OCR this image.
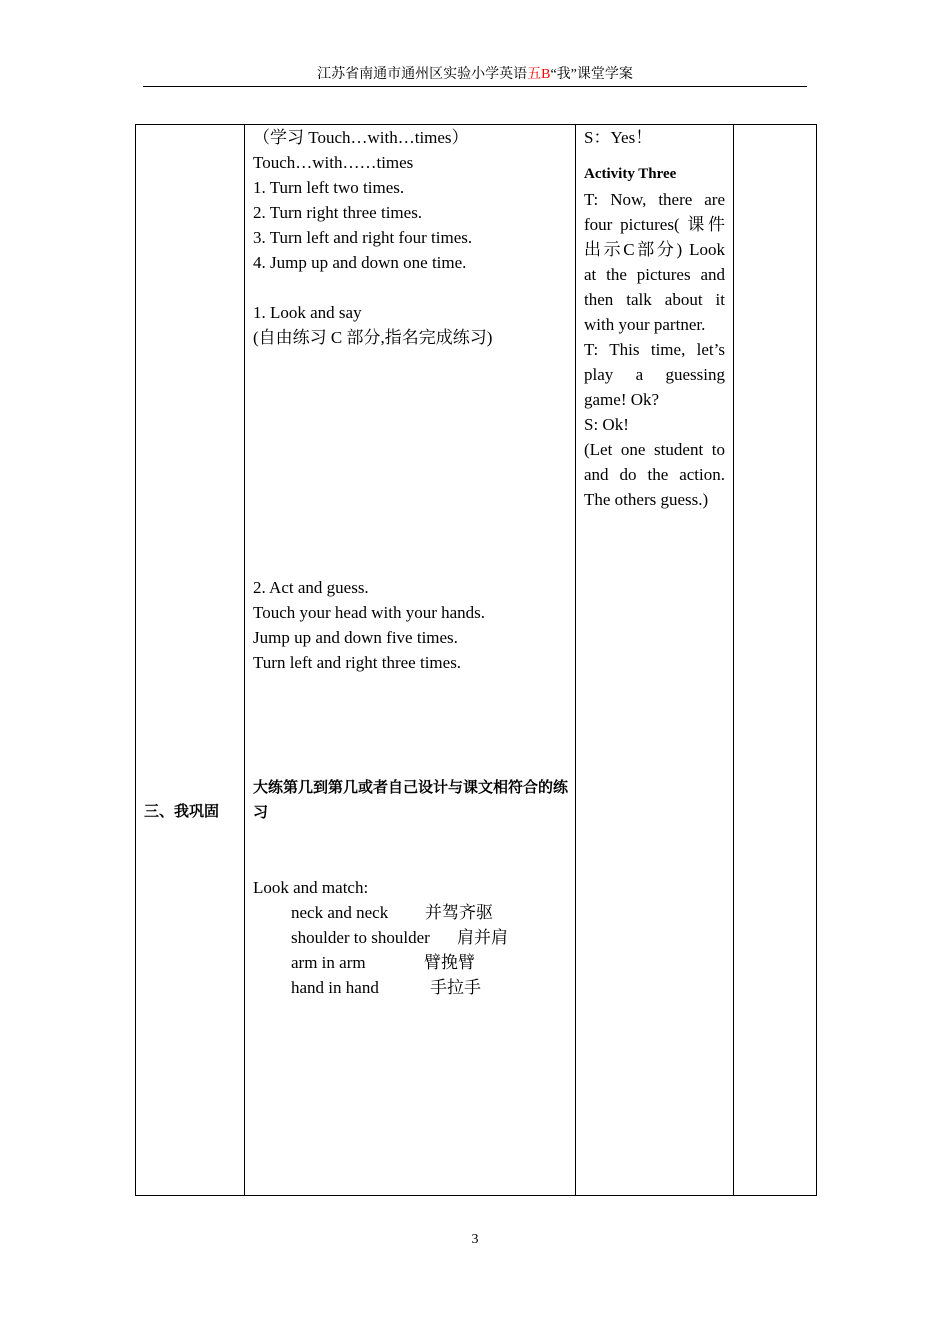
江苏省南通市通州区实验小学英语五B“我”课堂学案
三、我巩固
（学习 Touch…with…times）
Touch…with……times
1. Turn left two times.
2. Turn right three times.
3. Turn left and right four times.
4. Jump up and down one time.
1. Look and say
(自由练习 C 部分,指名完成练习)
2. Act and guess.
Touch your head with your hands.
Jump up and down five times.
Turn left and right three times.
大练第几到第几或者自己设计与课文相符合的练习
Look and match:
neck and neck 并驾齐驱
shoulder to shoulder 肩并肩
arm in arm	臂挽臂
hand in hand	手拉手
S：Yes！
Activity Three
T: Now, there are four pictures( 课件出示C部分) Look at the pictures and then talk about it with your partner.
T: This time, let’s play a guessing game! Ok?
S: Ok!
(Let one student to and do the action. The others guess.)
3
